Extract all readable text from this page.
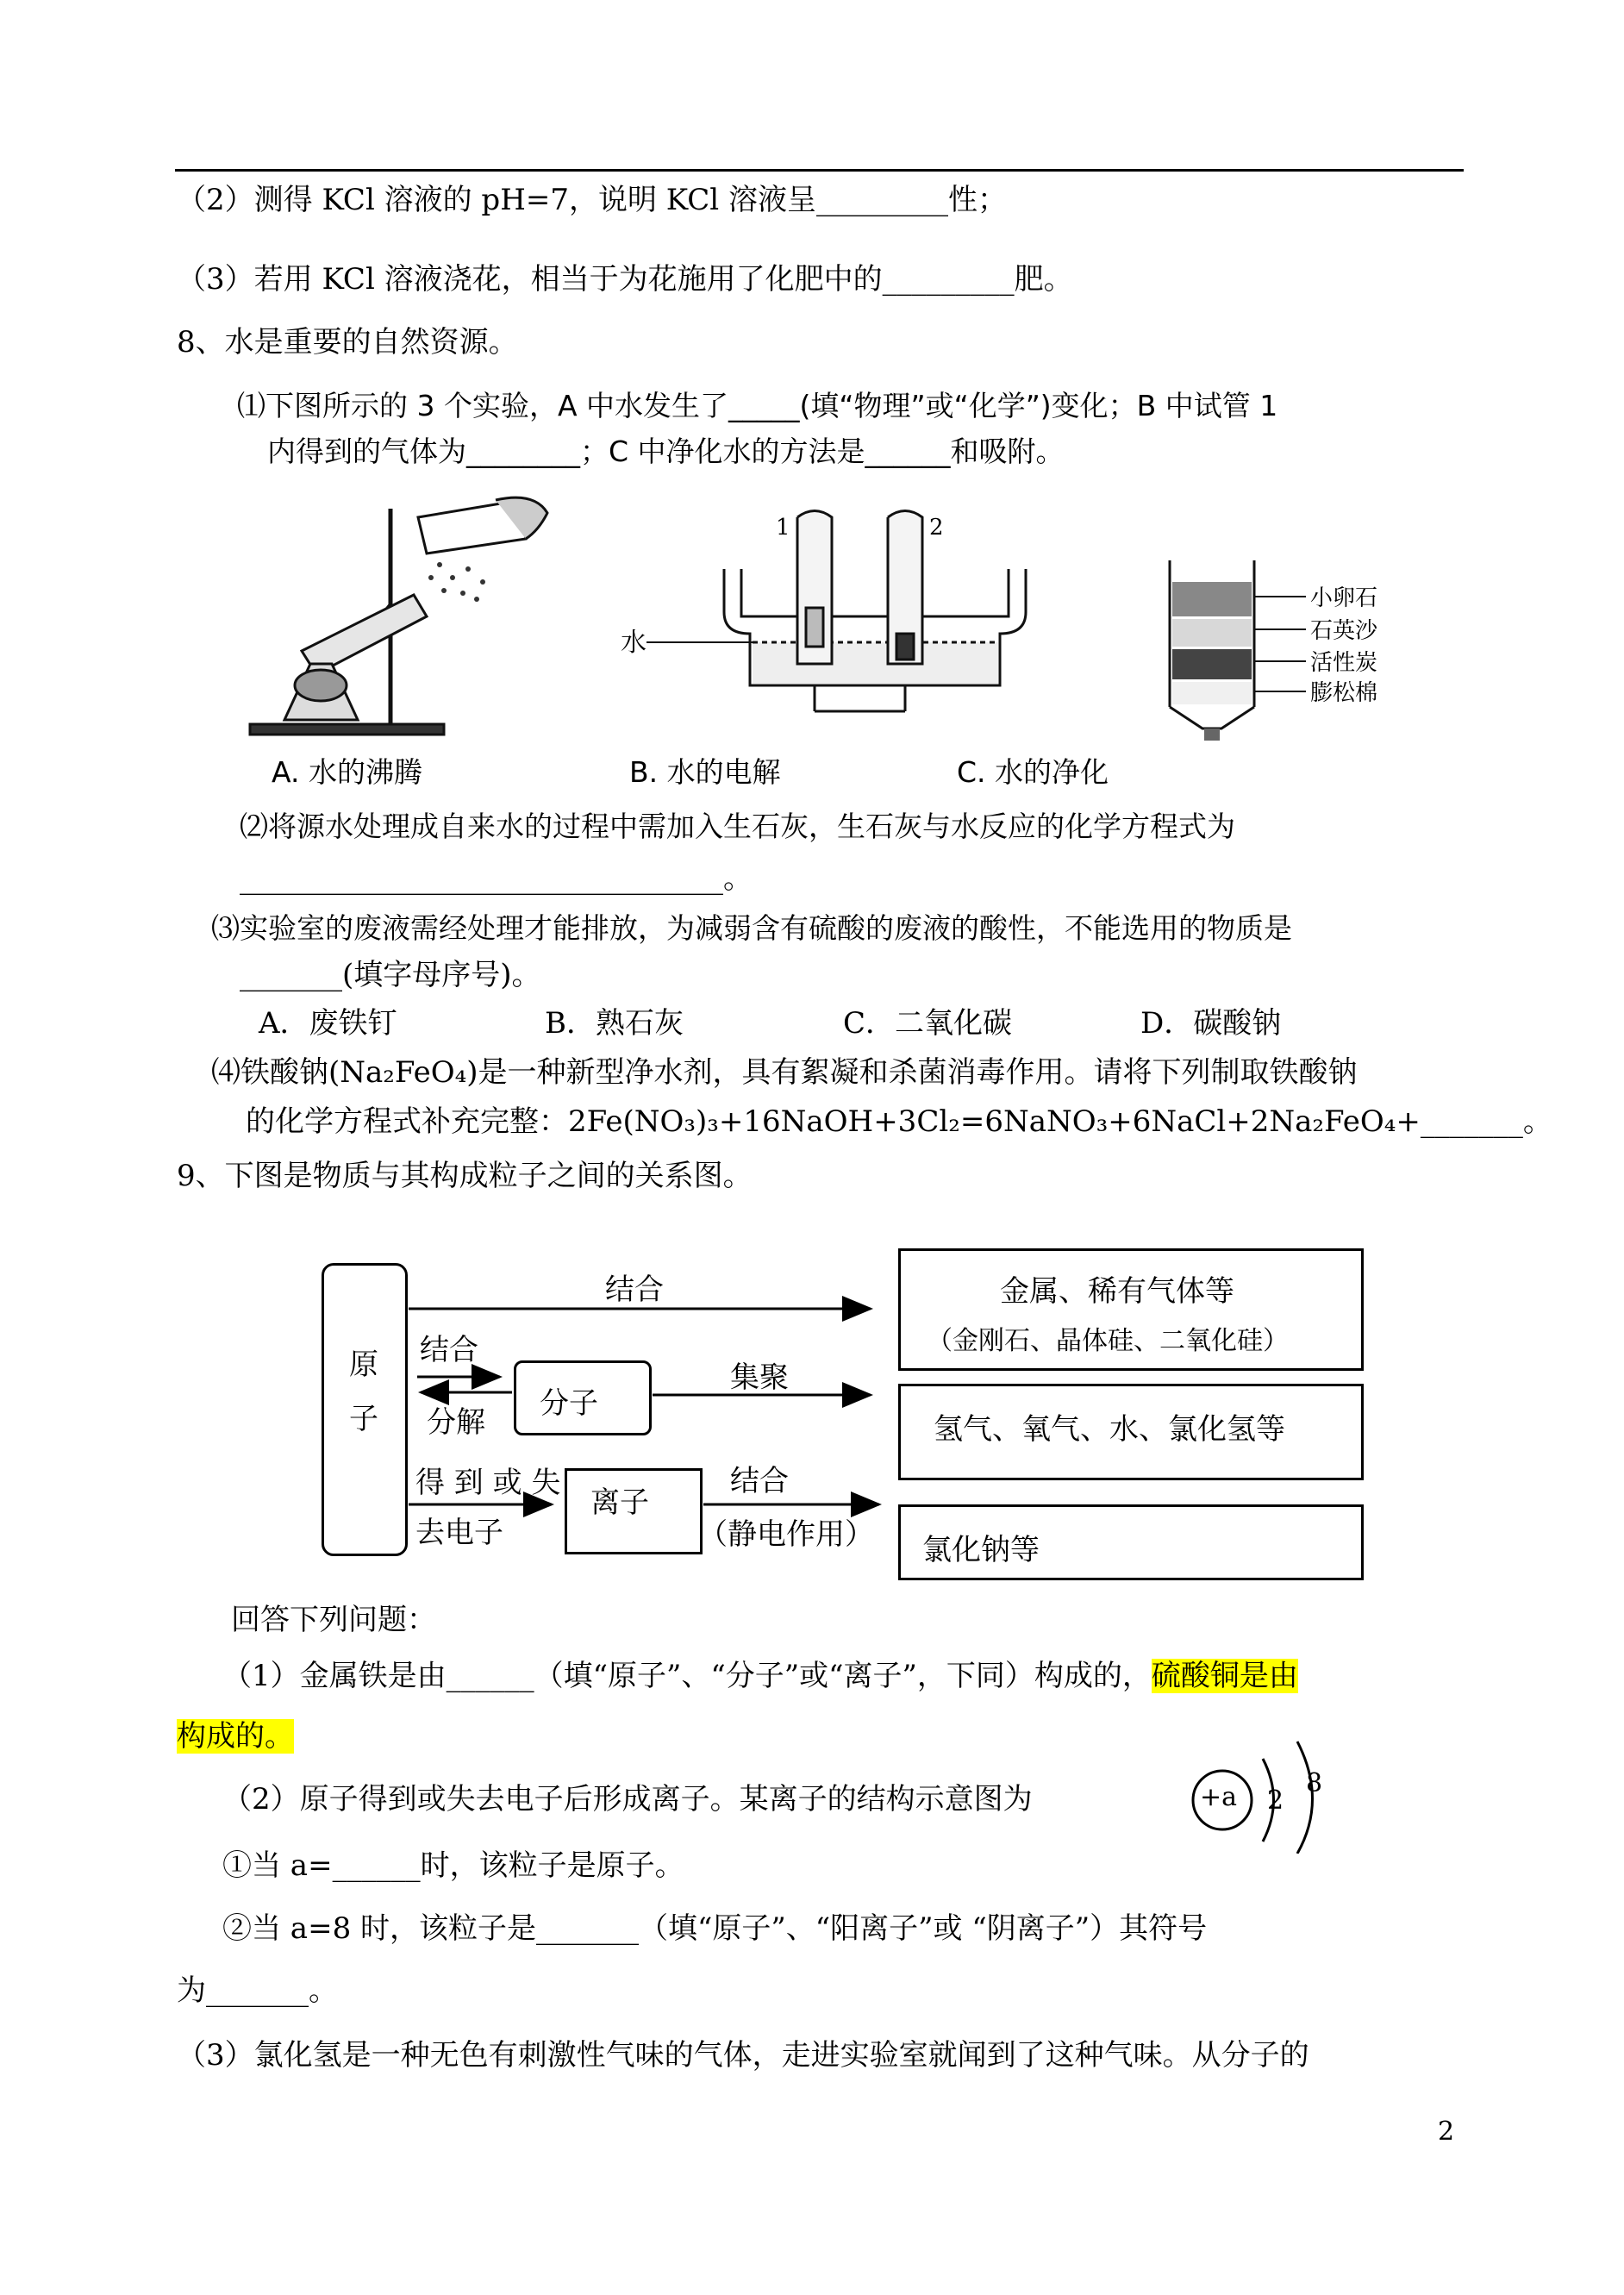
（2）测得 KCl 溶液的 pH=7，说明 KCl 溶液呈_________性；
（3）若用 KCl 溶液浇花，相当于为花施用了化肥中的_________肥。
8、水是重要的自然资源。
⑴下图所示的 3 个实验，A 中水发生了_____(填“物理”或“化学”)变化；B 中试管 1
内得到的气体为________；C 中净化水的方法是______和吸附。
水
1	2
小卵石
石英沙
活性炭
膨松棉
A. 水的沸腾	B. 水的电解	C. 水的净化
⑵将源水处理成自来水的过程中需加入生石灰，生石灰与水反应的化学方程式为
_________________________________。
⑶实验室的废液需经处理才能排放，为减弱含有硫酸的废液的酸性，不能选用的物质是
_______(填字母序号)。
A．废铁钉	B．熟石灰	C．二氧化碳	D．碳酸钠
⑷铁酸钠(Na₂FeO₄)是一种新型净水剂，具有絮凝和杀菌消毒作用。请将下列制取铁酸钠
的化学方程式补充完整：2Fe(NO₃)₃+16NaOH+3Cl₂=6NaNO₃+6NaCl+2Na₂FeO₄+_______。
9、下图是物质与其构成粒子之间的关系图。
原
子	分子
离子
金属、稀有气体等
（金刚石、晶体硅、二氧化硅）
氢气、氧气、水、氯化氢等
氯化钠等
结合
结合
分解
集聚
得 到 或 失
去电子
结合
（静电作用）
回答下列问题：
（1）金属铁是由______（填“原子”、“分子”或“离子”，下同）构成的，硫酸铜是由
构成的。
（2）原子得到或失去电子后形成离子。某离子的结构示意图为	+a 2
8
①当 a=______时，该粒子是原子。
②当 a=8 时，该粒子是_______（填“原子”、“阳离子”或 “阴离子”）其符号
为_______。
（3）氯化氢是一种无色有刺激性气味的气体，走进实验室就闻到了这种气味。从分子的
2
